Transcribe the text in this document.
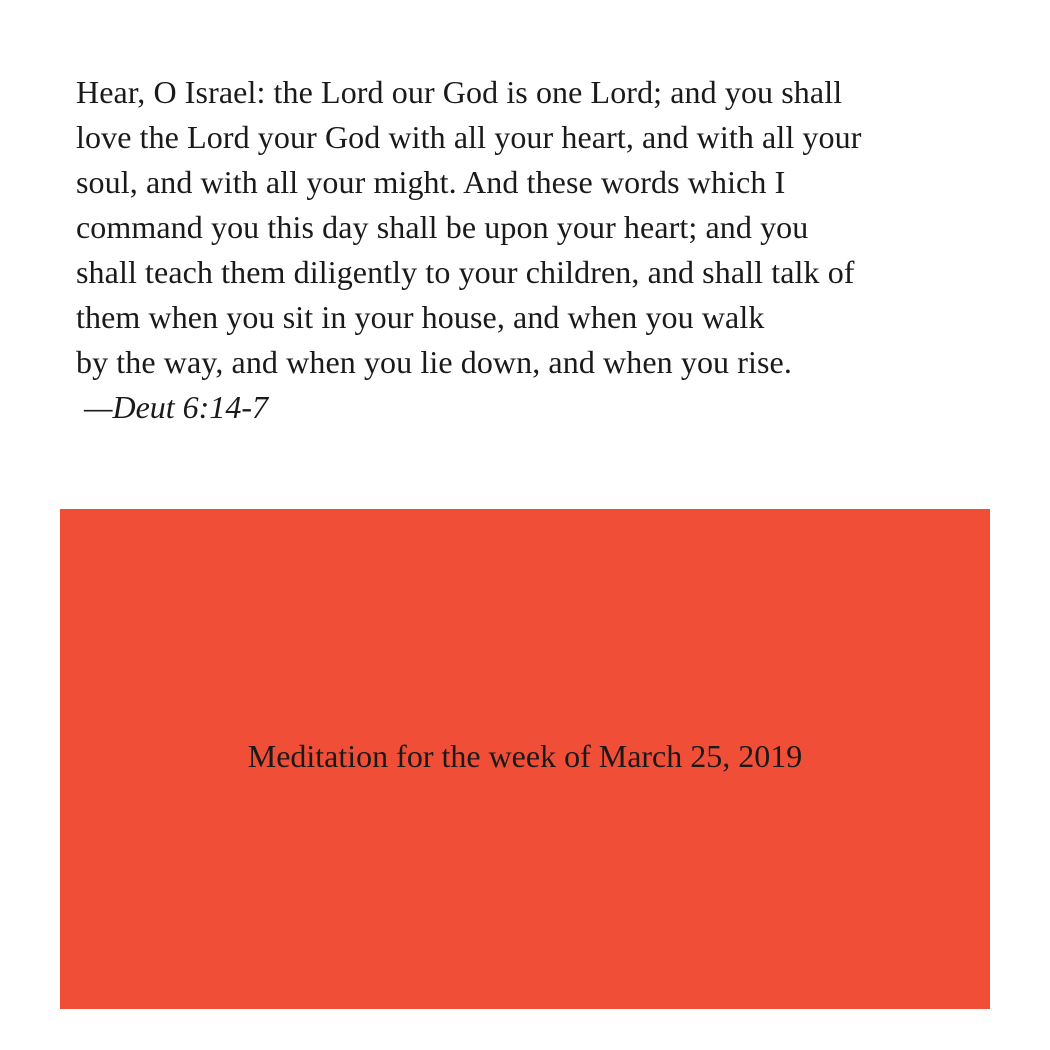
Hear, O Israel: the Lord our God is one Lord; and you shall
love the Lord your God with all your heart, and with all your
soul, and with all your might. And these words which I
command you this day shall be upon your heart; and you
shall teach them diligently to your children, and shall talk of
them when you sit in your house, and when you walk
by the way, and when you lie down, and when you rise.
—Deut 6:14-7
Meditation for the week of March 25, 2019
